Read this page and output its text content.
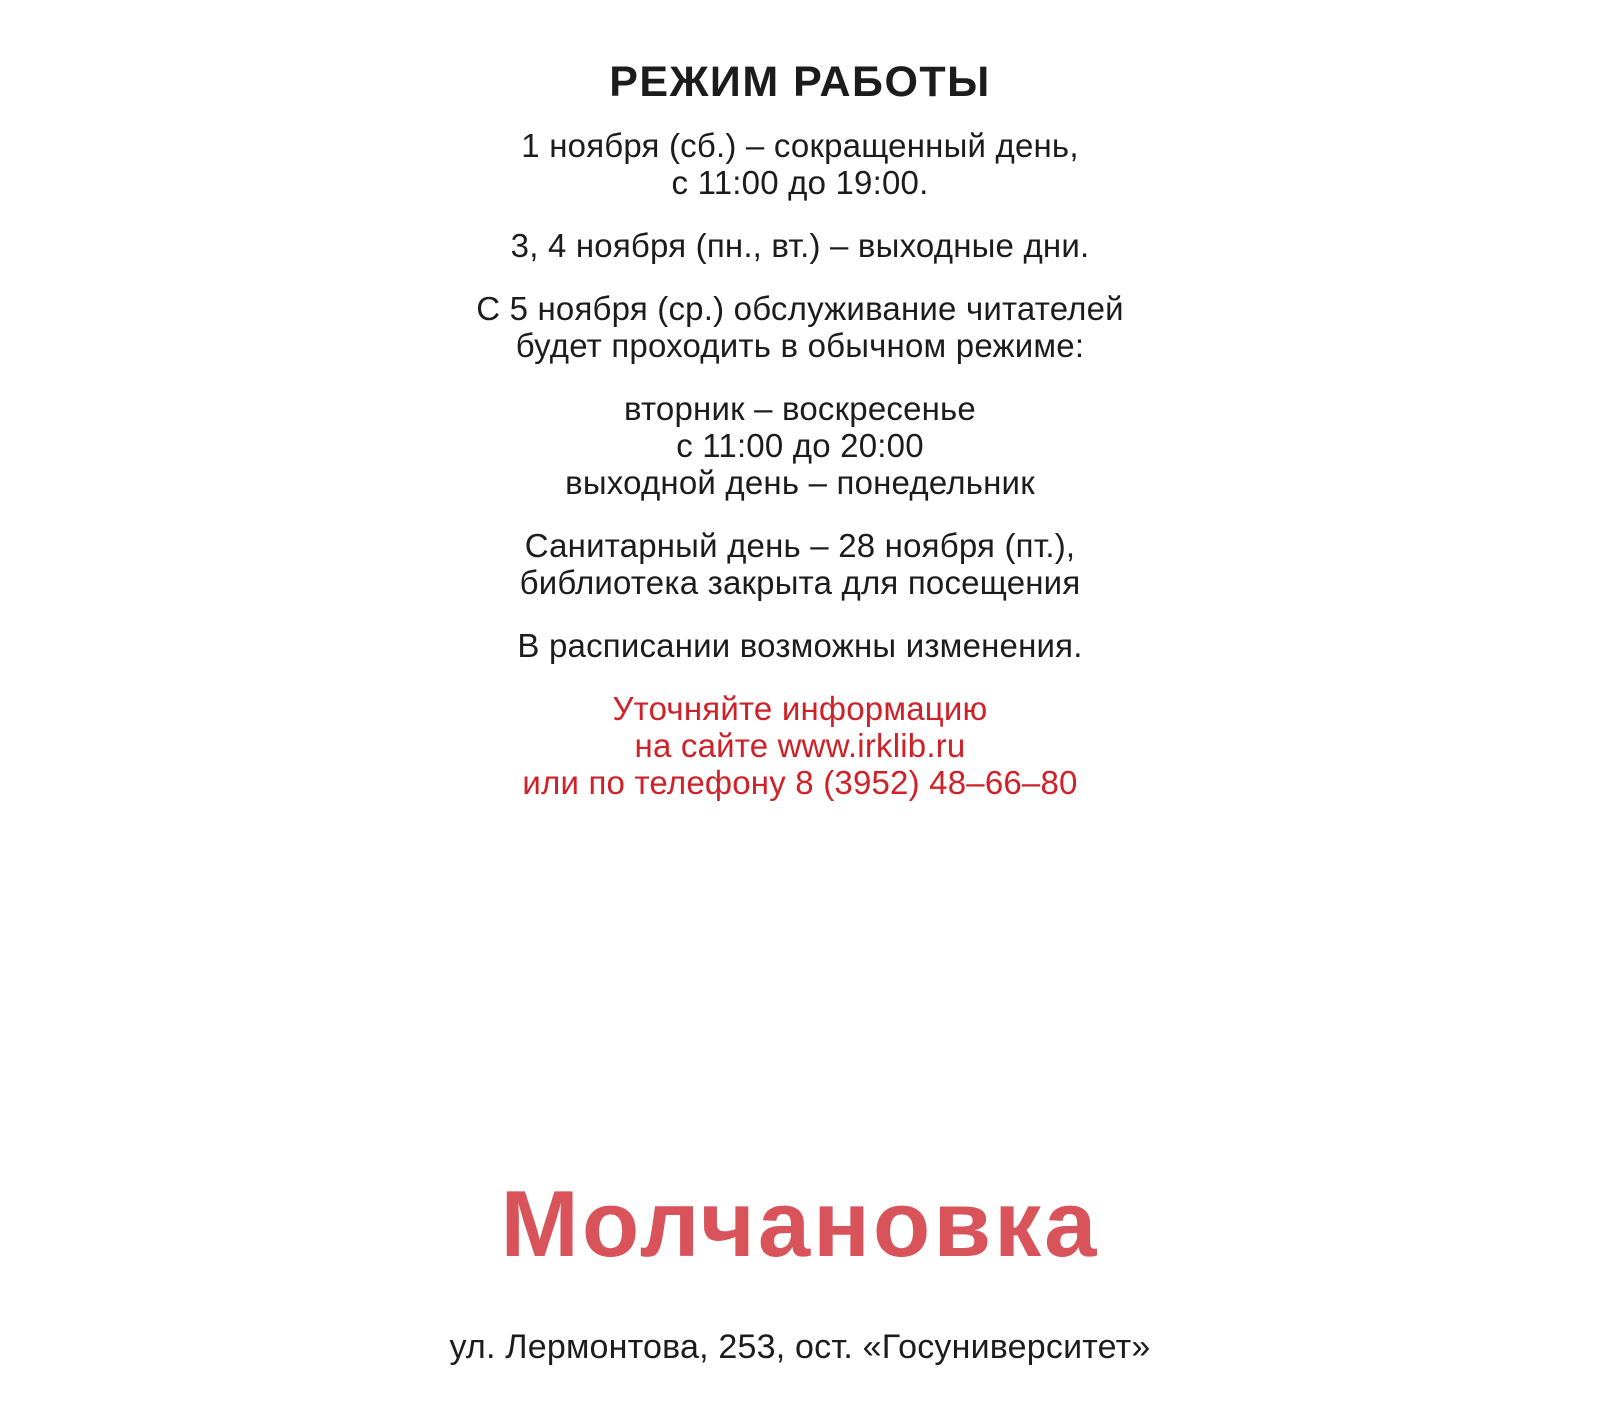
РЕЖИМ РАБОТЫ
1 ноября (сб.) – сокращенный день,
с 11:00 до 19:00.
3, 4 ноября (пн., вт.) – выходные дни.
С 5 ноября (ср.) обслуживание читателей
будет проходить в обычном режиме:
вторник – воскресенье
с 11:00 до 20:00
выходной день – понедельник
Санитарный день – 28 ноября (пт.),
библиотека закрыта для посещения
В расписании возможны изменения.
Уточняйте информацию
на сайте www.irklib.ru
или по телефону 8 (3952) 48–66–80
Молчановка
ул. Лермонтова, 253, ост. «Госуниверситет»
